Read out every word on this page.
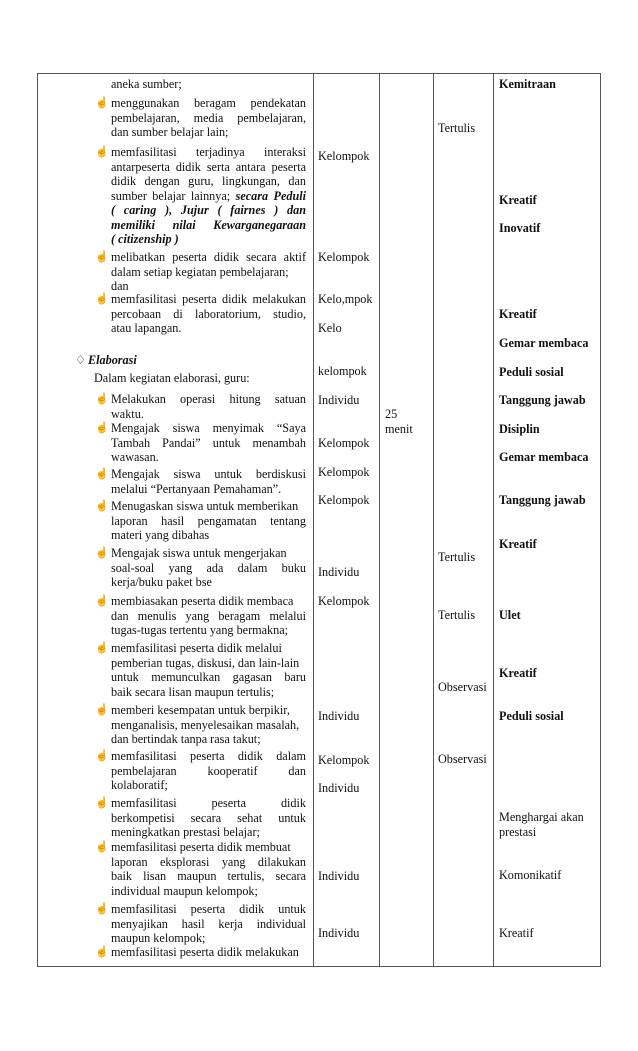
aneka sumber;
☝ menggunakan beragam pendekatan
pembelajaran, media pembelajaran,
dan sumber belajar lain;
☝ memfasilitasi terjadinya interaksi
antarpeserta didik serta antara peserta
didik dengan guru, lingkungan, dan
sumber belajar lainnya; secara Peduli
( caring ), Jujur ( fairnes ) dan
memiliki nilai Kewarganegaraan
( citizenship )
☝ melibatkan peserta didik secara aktif
dalam setiap kegiatan pembelajaran;
dan
☝ memfasilitasi peserta didik melakukan
percobaan di laboratorium, studio,
atau lapangan.
♢ Elaborasi
Dalam kegiatan elaborasi, guru:
☝ Melakukan operasi hitung satuan
waktu.
☝ Mengajak siswa menyimak “Saya
Tambah Pandai” untuk menambah
wawasan.
☝ Mengajak siswa untuk berdiskusi
melalui “Pertanyaan Pemahaman”.
☝ Menugaskan siswa untuk memberikan
laporan hasil pengamatan tentang
materi yang dibahas
☝ Mengajak siswa untuk mengerjakan
soal-soal yang ada dalam buku
kerja/buku paket bse
☝ membiasakan peserta didik membaca
dan menulis yang beragam melalui
tugas-tugas tertentu yang bermakna;
☝ memfasilitasi peserta didik melalui
pemberian tugas, diskusi, dan lain-lain
untuk memunculkan gagasan baru
baik secara lisan maupun tertulis;
☝ memberi kesempatan untuk berpikir,
menganalisis, menyelesaikan masalah,
dan bertindak tanpa rasa takut;
☝ memfasilitasi peserta didik dalam
pembelajaran kooperatif dan
kolaboratif;
☝ memfasilitasi peserta didik
berkompetisi secara sehat untuk
meningkatkan prestasi belajar;
☝ memfasilitasi peserta didik membuat
laporan eksplorasi yang dilakukan
baik lisan maupun tertulis, secara
individual maupun kelompok;
☝ memfasilitasi peserta didik untuk
menyajikan hasil kerja individual
maupun kelompok;
☝ memfasilitasi peserta didik melakukan
Kelompok
Kelompok
Kelo,mpok
Kelo
kelompok
Individu
Kelompok
Kelompok
Kelompok
Individu
Kelompok
Individu
Kelompok
Individu
Individu
Individu
25
menit
Tertulis
Tertulis
Tertulis
Observasi
Observasi
Kemitraan
Kreatif
Inovatif
Kreatif
Gemar membaca
Peduli sosial
Tanggung jawab
Disiplin
Gemar membaca
Tanggung jawab
Kreatif
Ulet
Kreatif
Peduli sosial
Menghargai akan
prestasi
Komonikatif
Kreatif
